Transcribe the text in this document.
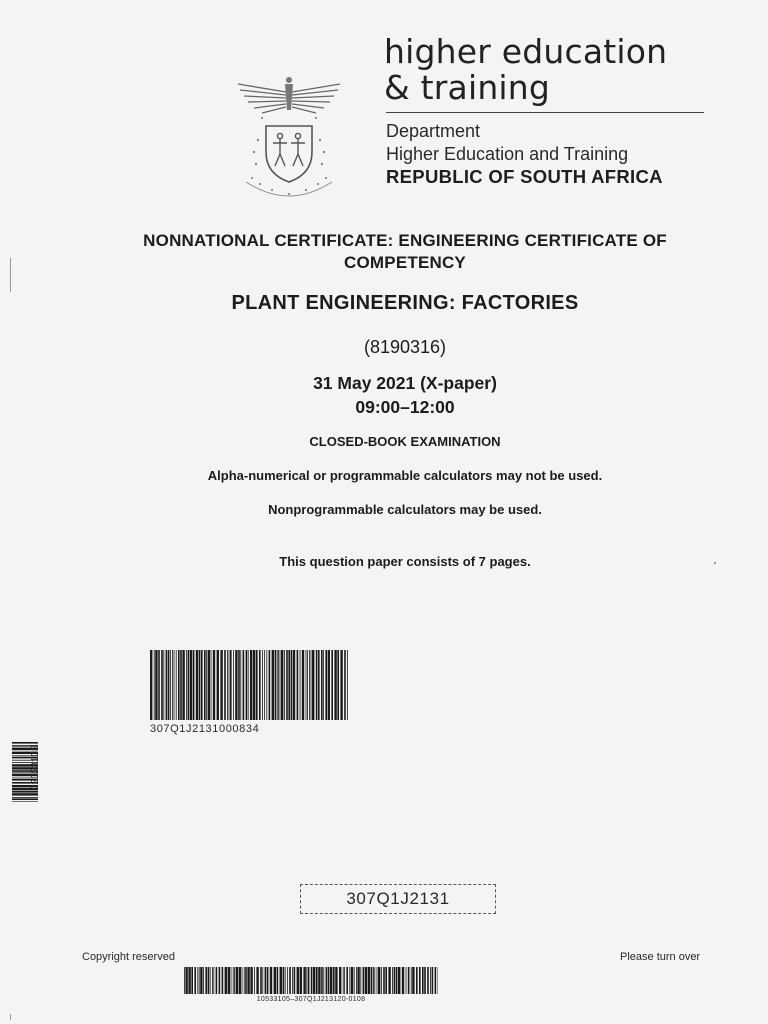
higher education
& training
Department
Higher Education and Training
REPUBLIC OF SOUTH AFRICA
NONNATIONAL CERTIFICATE: ENGINEERING CERTIFICATE OF
COMPETENCY
PLANT ENGINEERING: FACTORIES
(8190316)
31 May 2021 (X-paper)
09:00–12:00
CLOSED-BOOK EXAMINATION
Alpha-numerical or programmable calculators may not be used.
Nonprogrammable calculators may be used.
This question paper consists of 7 pages.
307Q1J2131000834
0202310S
307Q1J2131
Copyright reserved	Please turn over
10533105–307Q1J213120-0108
